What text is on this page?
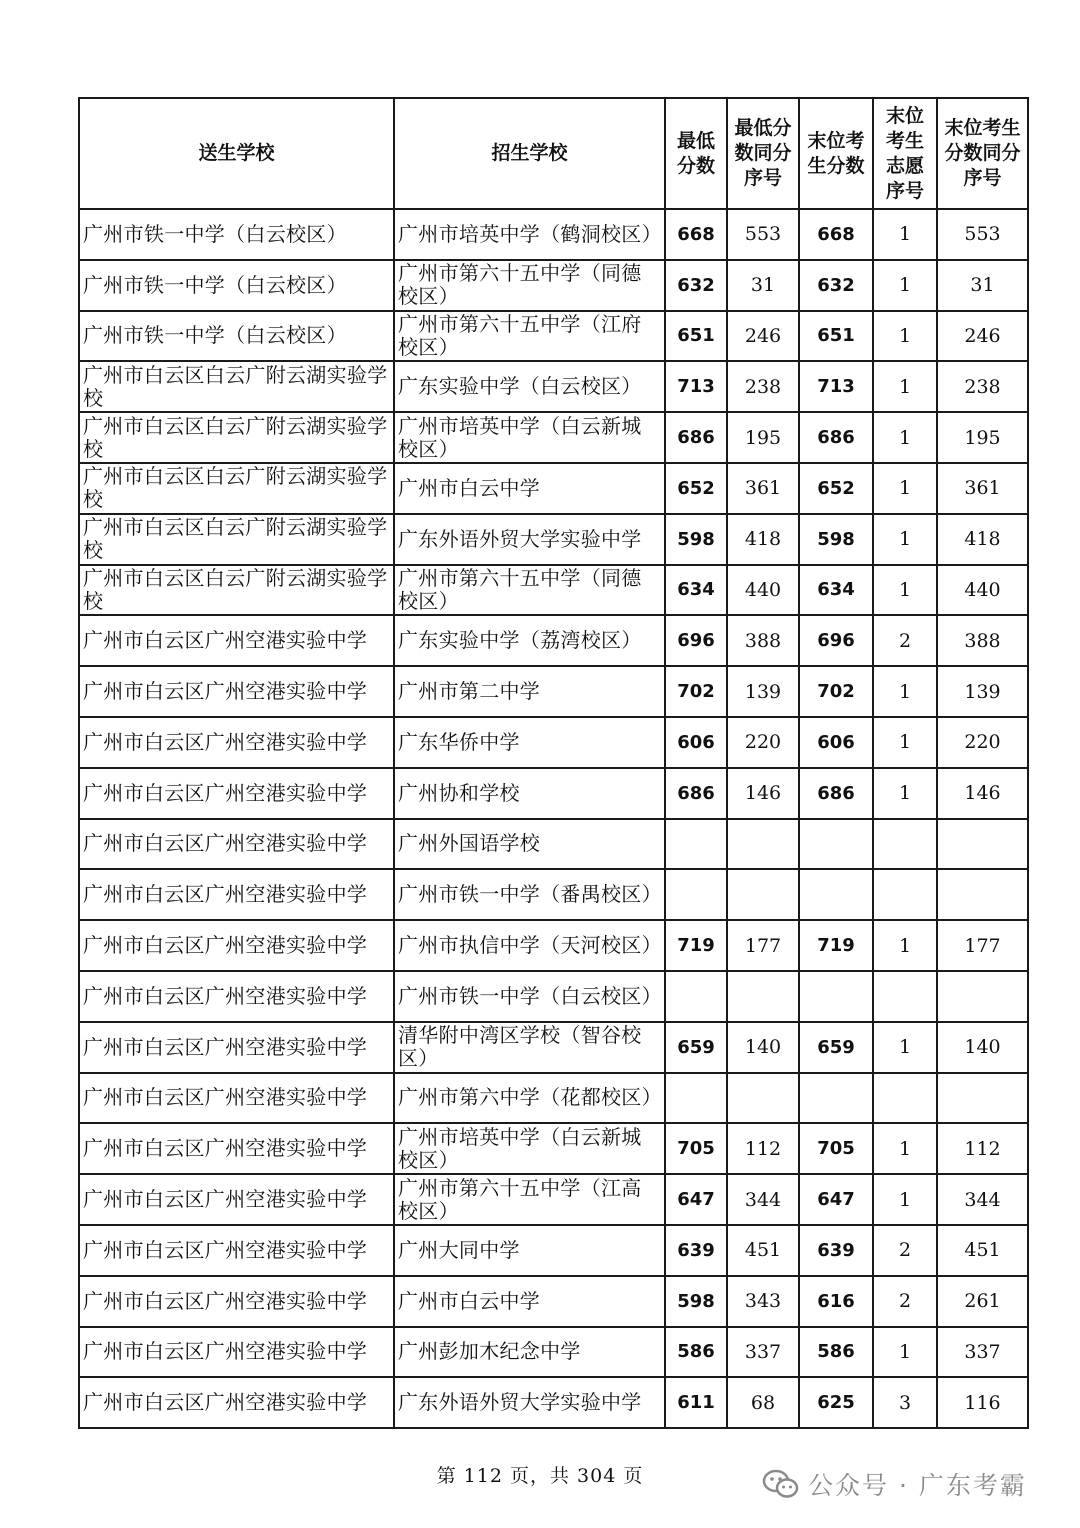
送生学校	招生学校	最低分数	最低分数同分序号	末位考生分数	末位考生志愿序号	末位考生分数同分序号
广州市铁一中学（白云校区）	广州市培英中学（鹤洞校区）	668	553	668	1	553
广州市铁一中学（白云校区）	广州市第六十五中学（同德校区）	632	31	632	1	31
广州市铁一中学（白云校区）	广州市第六十五中学（江府校区）	651	246	651	1	246
广州市白云区白云广附云湖实验学校	广东实验中学（白云校区）	713	238	713	1	238
广州市白云区白云广附云湖实验学校	广州市培英中学（白云新城校区）	686	195	686	1	195
广州市白云区白云广附云湖实验学校	广州市白云中学	652	361	652	1	361
广州市白云区白云广附云湖实验学校	广东外语外贸大学实验中学	598	418	598	1	418
广州市白云区白云广附云湖实验学校	广州市第六十五中学（同德校区）	634	440	634	1	440
广州市白云区广州空港实验中学	广东实验中学（荔湾校区）	696	388	696	2	388
广州市白云区广州空港实验中学	广州市第二中学	702	139	702	1	139
广州市白云区广州空港实验中学	广东华侨中学	606	220	606	1	220
广州市白云区广州空港实验中学	广州协和学校	686	146	686	1	146
广州市白云区广州空港实验中学	广州外国语学校					
广州市白云区广州空港实验中学	广州市铁一中学（番禺校区）					
广州市白云区广州空港实验中学	广州市执信中学（天河校区）	719	177	719	1	177
广州市白云区广州空港实验中学	广州市铁一中学（白云校区）					
广州市白云区广州空港实验中学	清华附中湾区学校（智谷校区）	659	140	659	1	140
广州市白云区广州空港实验中学	广州市第六中学（花都校区）					
广州市白云区广州空港实验中学	广州市培英中学（白云新城校区）	705	112	705	1	112
广州市白云区广州空港实验中学	广州市第六十五中学（江高校区）	647	344	647	1	344
广州市白云区广州空港实验中学	广州大同中学	639	451	639	2	451
广州市白云区广州空港实验中学	广州市白云中学	598	343	616	2	261
广州市白云区广州空港实验中学	广州彭加木纪念中学	586	337	586	1	337
广州市白云区广州空港实验中学	广东外语外贸大学实验中学	611	68	625	3	116
第 112 页，共 304 页	公众号 · 广东考霸
